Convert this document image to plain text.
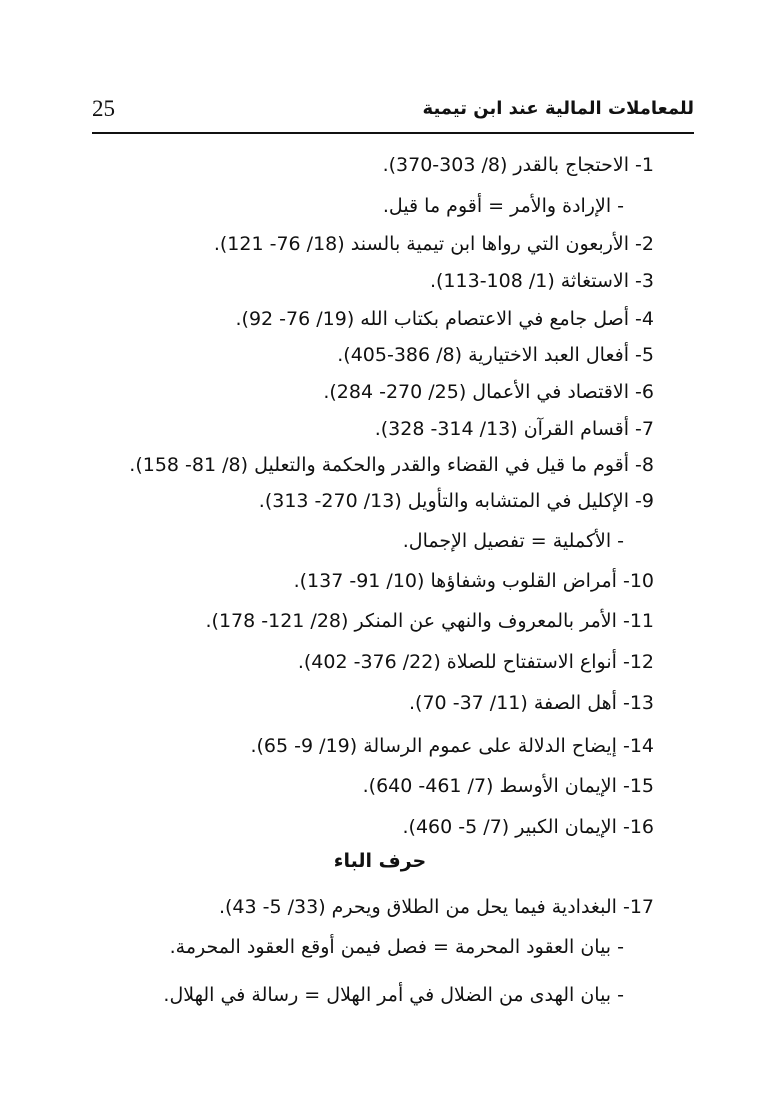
25	للمعاملات المالية عند ابن تيمية
1- الاحتجاج بالقدر (8/ 303-370).
- الإرادة والأمر = أقوم ما قيل.
2- الأربعون التي رواها ابن تيمية بالسند (18/ 76- 121).
3- الاستغاثة (1/ 108-113).
4- أصل جامع في الاعتصام بكتاب الله (19/ 76- 92).
5- أفعال العبد الاختيارية (8/ 386-405).
6- الاقتصاد في الأعمال (25/ 270- 284).
7- أقسام القرآن (13/ 314- 328).
8- أقوم ما قيل في القضاء والقدر والحكمة والتعليل (8/ 81- 158).
9- الإكليل في المتشابه والتأويل (13/ 270- 313).
- الأكملية = تفصيل الإجمال.
10- أمراض القلوب وشفاؤها (10/ 91- 137).
11- الأمر بالمعروف والنهي عن المنكر (28/ 121- 178).
12- أنواع الاستفتاح للصلاة (22/ 376- 402).
13- أهل الصفة (11/ 37- 70).
14- إيضاح الدلالة على عموم الرسالة (19/ 9- 65).
15- الإيمان الأوسط (7/ 461- 640).
16- الإيمان الكبير (7/ 5- 460).
حرف الباء
17- البغدادية فيما يحل من الطلاق ويحرم (33/ 5- 43).
- بيان العقود المحرمة = فصل فيمن أوقع العقود المحرمة.
- بيان الهدى من الضلال في أمر الهلال = رسالة في الهلال.
